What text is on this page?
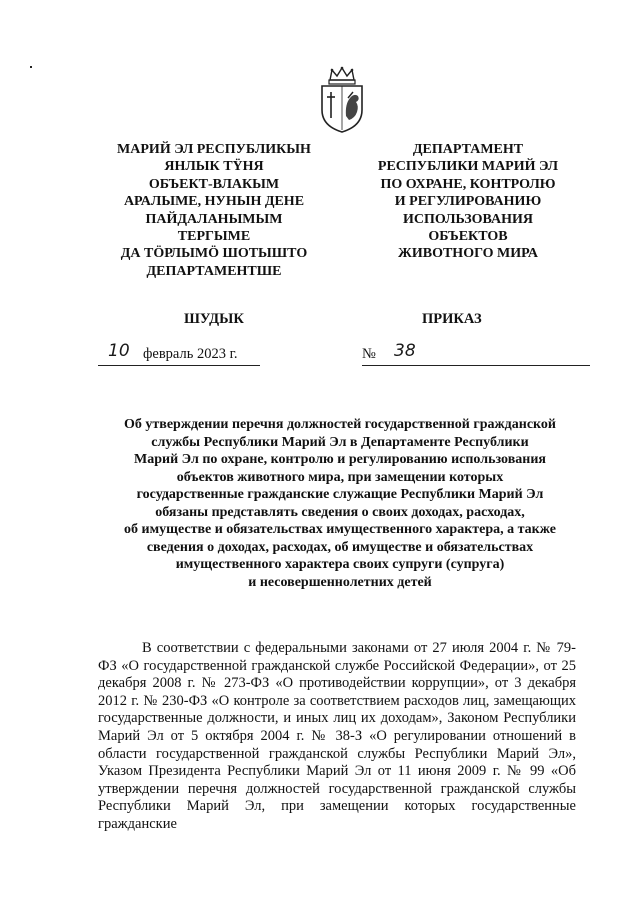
МАРИЙ ЭЛ РЕСПУБЛИКЫН
ЯНЛЫК ТŸНЯ
ОБЪЕКТ-ВЛАКЫМ
АРАЛЫМЕ, НУНЫН ДЕНЕ
ПАЙДАЛАНЫМЫМ
ТЕРГЫМЕ
ДА ТÖРЛЫМÖ ШОТЫШТО
ДЕПАРТАМЕНТШЕ
ДЕПАРТАМЕНТ
РЕСПУБЛИКИ МАРИЙ ЭЛ
ПО ОХРАНЕ, КОНТРОЛЮ
И РЕГУЛИРОВАНИЮ
ИСПОЛЬЗОВАНИЯ
ОБЪЕКТОВ
ЖИВОТНОГО МИРА
ШУДЫК	ПРИКАЗ
10 февраль 2023 г.	№ 38
Об утверждении перечня должностей государственной гражданской
службы Республики Марий Эл в Департаменте Республики
Марий Эл по охране, контролю и регулированию использования
объектов животного мира, при замещении которых
государственные гражданские служащие Республики Марий Эл
обязаны представлять сведения о своих доходах, расходах,
об имуществе и обязательствах имущественного характера, а также
сведения о доходах, расходах, об имуществе и обязательствах
имущественного характера своих супруги (супруга)
и несовершеннолетних детей

В соответствии с федеральными законами от 27 июля 2004 г. № 79-ФЗ «О государственной гражданской службе Российской Федерации», от 25 декабря 2008 г. № 273-ФЗ «О противодействии коррупции», от 3 декабря 2012 г. № 230-ФЗ «О контроле за соответствием расходов лиц, замещающих государственные должности, и иных лиц их доходам», Законом Республики Марий Эл от 5 октября 2004 г. № 38-З «О регулировании отношений в области государственной гражданской службы Республики Марий Эл», Указом Президента Республики Марий Эл от 11 июня 2009 г. № 99 «Об утверждении перечня должностей государственной гражданской службы Республики Марий Эл, при замещении которых государственные гражданские
